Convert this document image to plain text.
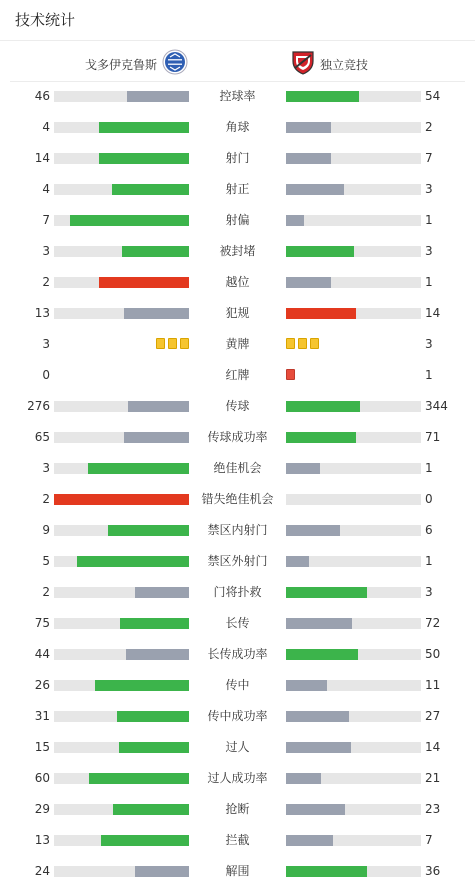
技术统计
戈多伊克鲁斯	独立竞技
46	控球率	54
4	角球	2
14	射门	7
4	射正	3
7	射偏	1
3	被封堵	3
2	越位	1
13	犯规	14
3	黄牌	3
0	红牌	1
276	传球	344
65	传球成功率	71
3	绝佳机会	1
2	错失绝佳机会	0
9	禁区内射门	6
5	禁区外射门	1
2	门将扑救	3
75	长传	72
44	长传成功率	50
26	传中	11
31	传中成功率	27
15	过人	14
60	过人成功率	21
29	抢断	23
13	拦截	7
24	解围	36
